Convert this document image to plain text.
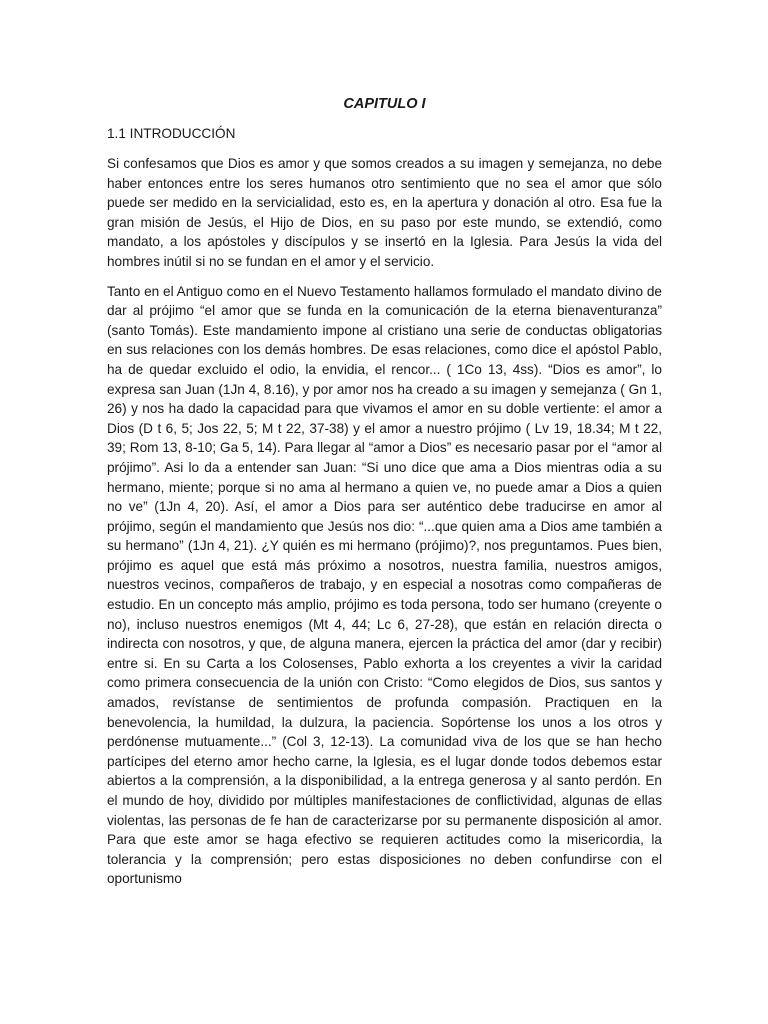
CAPITULO I
1.1 INTRODUCCIÓN

Si confesamos que Dios es amor y que somos creados a su imagen y semejanza, no debe haber entonces entre los seres humanos otro sentimiento que no sea el amor que sólo puede ser medido en la servicialidad, esto es, en la apertura y donación al otro. Esa fue la gran misión de Jesús, el Hijo de Dios, en su paso por este mundo, se extendió, como mandato, a los apóstoles y discípulos y se insertó en la Iglesia. Para Jesús la vida del hombres inútil si no se fundan en el amor y el servicio.

Tanto en el Antiguo como en el Nuevo Testamento hallamos formulado el mandato divino de dar al prójimo “el amor que se funda en la comunicación de la eterna bienaventuranza” (santo Tomás). Este mandamiento impone al cristiano una serie de conductas obligatorias en sus relaciones con los demás hombres. De esas relaciones, como dice el apóstol Pablo, ha de quedar excluido el odio, la envidia, el rencor... ( 1Co 13, 4ss). “Dios es amor”, lo expresa san Juan (1Jn 4, 8.16), y por amor nos ha creado a su imagen y semejanza ( Gn 1, 26) y nos ha dado la capacidad para que vivamos el amor en su doble vertiente: el amor a Dios (D t 6, 5; Jos 22, 5; M t 22, 37-38) y el amor a nuestro prójimo ( Lv 19, 18.34; M t 22, 39; Rom 13, 8-10; Ga 5, 14). Para llegar al “amor a Dios” es necesario pasar por el “amor al prójimo”. Asi lo da a entender san Juan: “Si uno dice que ama a Dios mientras odia a su hermano, miente; porque si no ama al hermano a quien ve, no puede amar a Dios a quien no ve” (1Jn 4, 20). Así, el amor a Dios para ser auténtico debe traducirse en amor al prójimo, según el mandamiento que Jesús nos dio: “...que quien ama a Dios ame también a su hermano” (1Jn 4, 21). ¿Y quién es mi hermano (prójimo)?, nos preguntamos. Pues bien, prójimo es aquel que está más próximo a nosotros, nuestra familia, nuestros amigos, nuestros vecinos, compañeros de trabajo, y en especial a nosotras como compañeras de estudio. En un concepto más amplio, prójimo es toda persona, todo ser humano (creyente o no), incluso nuestros enemigos (Mt 4, 44; Lc 6, 27-28), que están en relación directa o indirecta con nosotros, y que, de alguna manera, ejercen la práctica del amor (dar y recibir) entre si. En su Carta a los Colosenses, Pablo exhorta a los creyentes a vivir la caridad como primera consecuencia de la unión con Cristo: “Como elegidos de Dios, sus santos y amados, revístanse de sentimientos de profunda compasión. Practiquen en la benevolencia, la humildad, la dulzura, la paciencia. Sopórtense los unos a los otros y perdónense mutuamente...” (Col 3, 12-13). La comunidad viva de los que se han hecho partícipes del eterno amor hecho carne, la Iglesia, es el lugar donde todos debemos estar abiertos a la comprensión, a la disponibilidad, a la entrega generosa y al santo perdón. En el mundo de hoy, dividido por múltiples manifestaciones de conflictividad, algunas de ellas violentas, las personas de fe han de caracterizarse por su permanente disposición al amor. Para que este amor se haga efectivo se requieren actitudes como la misericordia, la tolerancia y la comprensión; pero estas disposiciones no deben confundirse con el oportunismo
